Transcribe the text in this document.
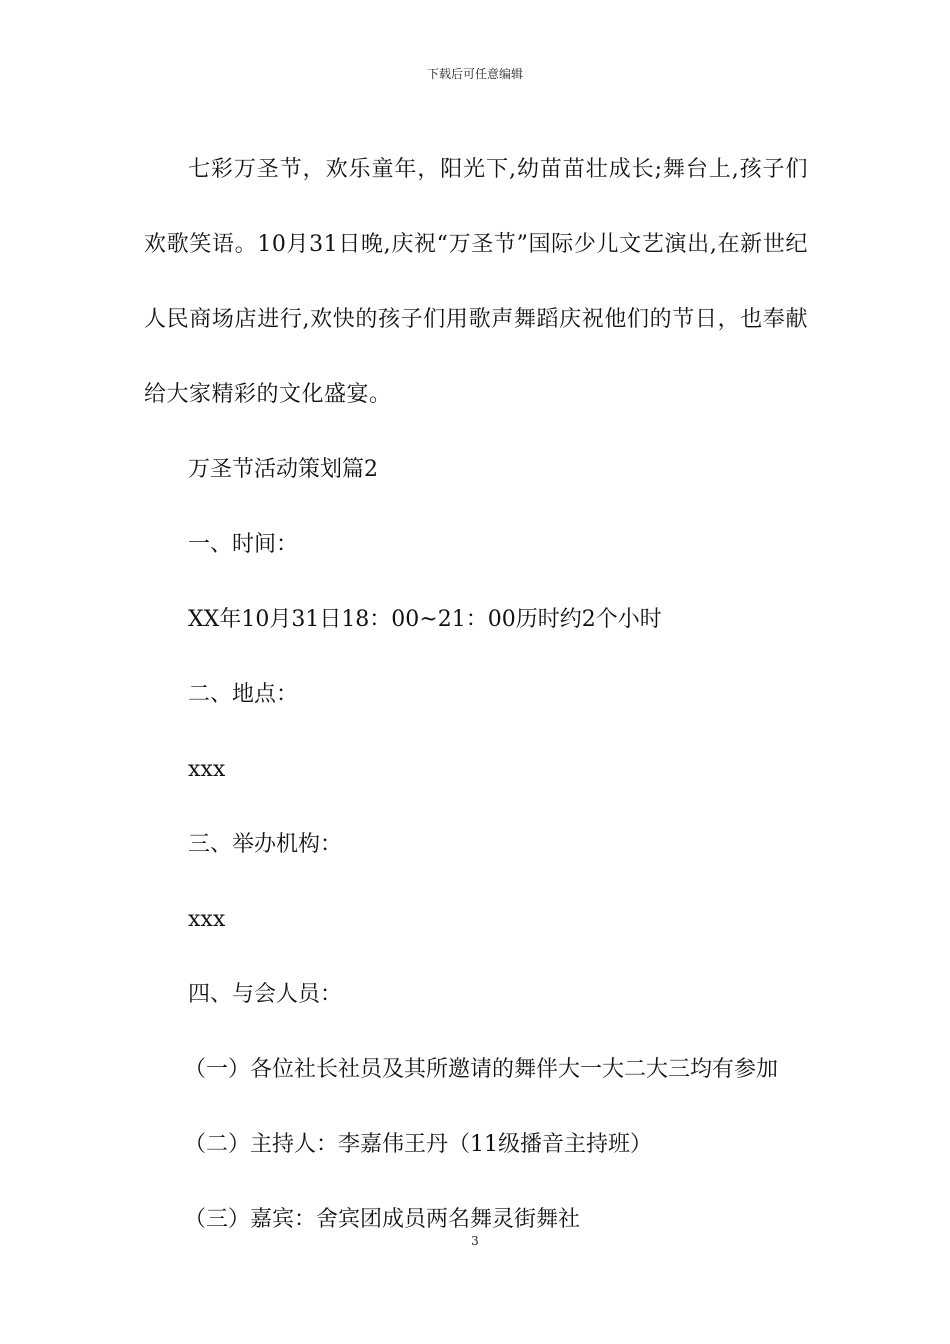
下载后可任意编辑

七彩万圣节，欢乐童年，阳光下,幼苗苗壮成长;舞台上,孩子们欢歌笑语。10月31日晚,庆祝“万圣节”国际少儿文艺演出,在新世纪人民商场店进行,欢快的孩子们用歌声舞蹈庆祝他们的节日，也奉献给大家精彩的文化盛宴。

万圣节活动策划篇2

一、时间：

XX年10月31日18：00~21：00历时约2个小时

二、地点：

xxx

三、举办机构：

xxx

四、与会人员：

（一）各位社长社员及其所邀请的舞伴大一大二大三均有参加

（二）主持人：李嘉伟王丹（11级播音主持班）

（三）嘉宾：舍宾团成员两名舞灵街舞社

3
